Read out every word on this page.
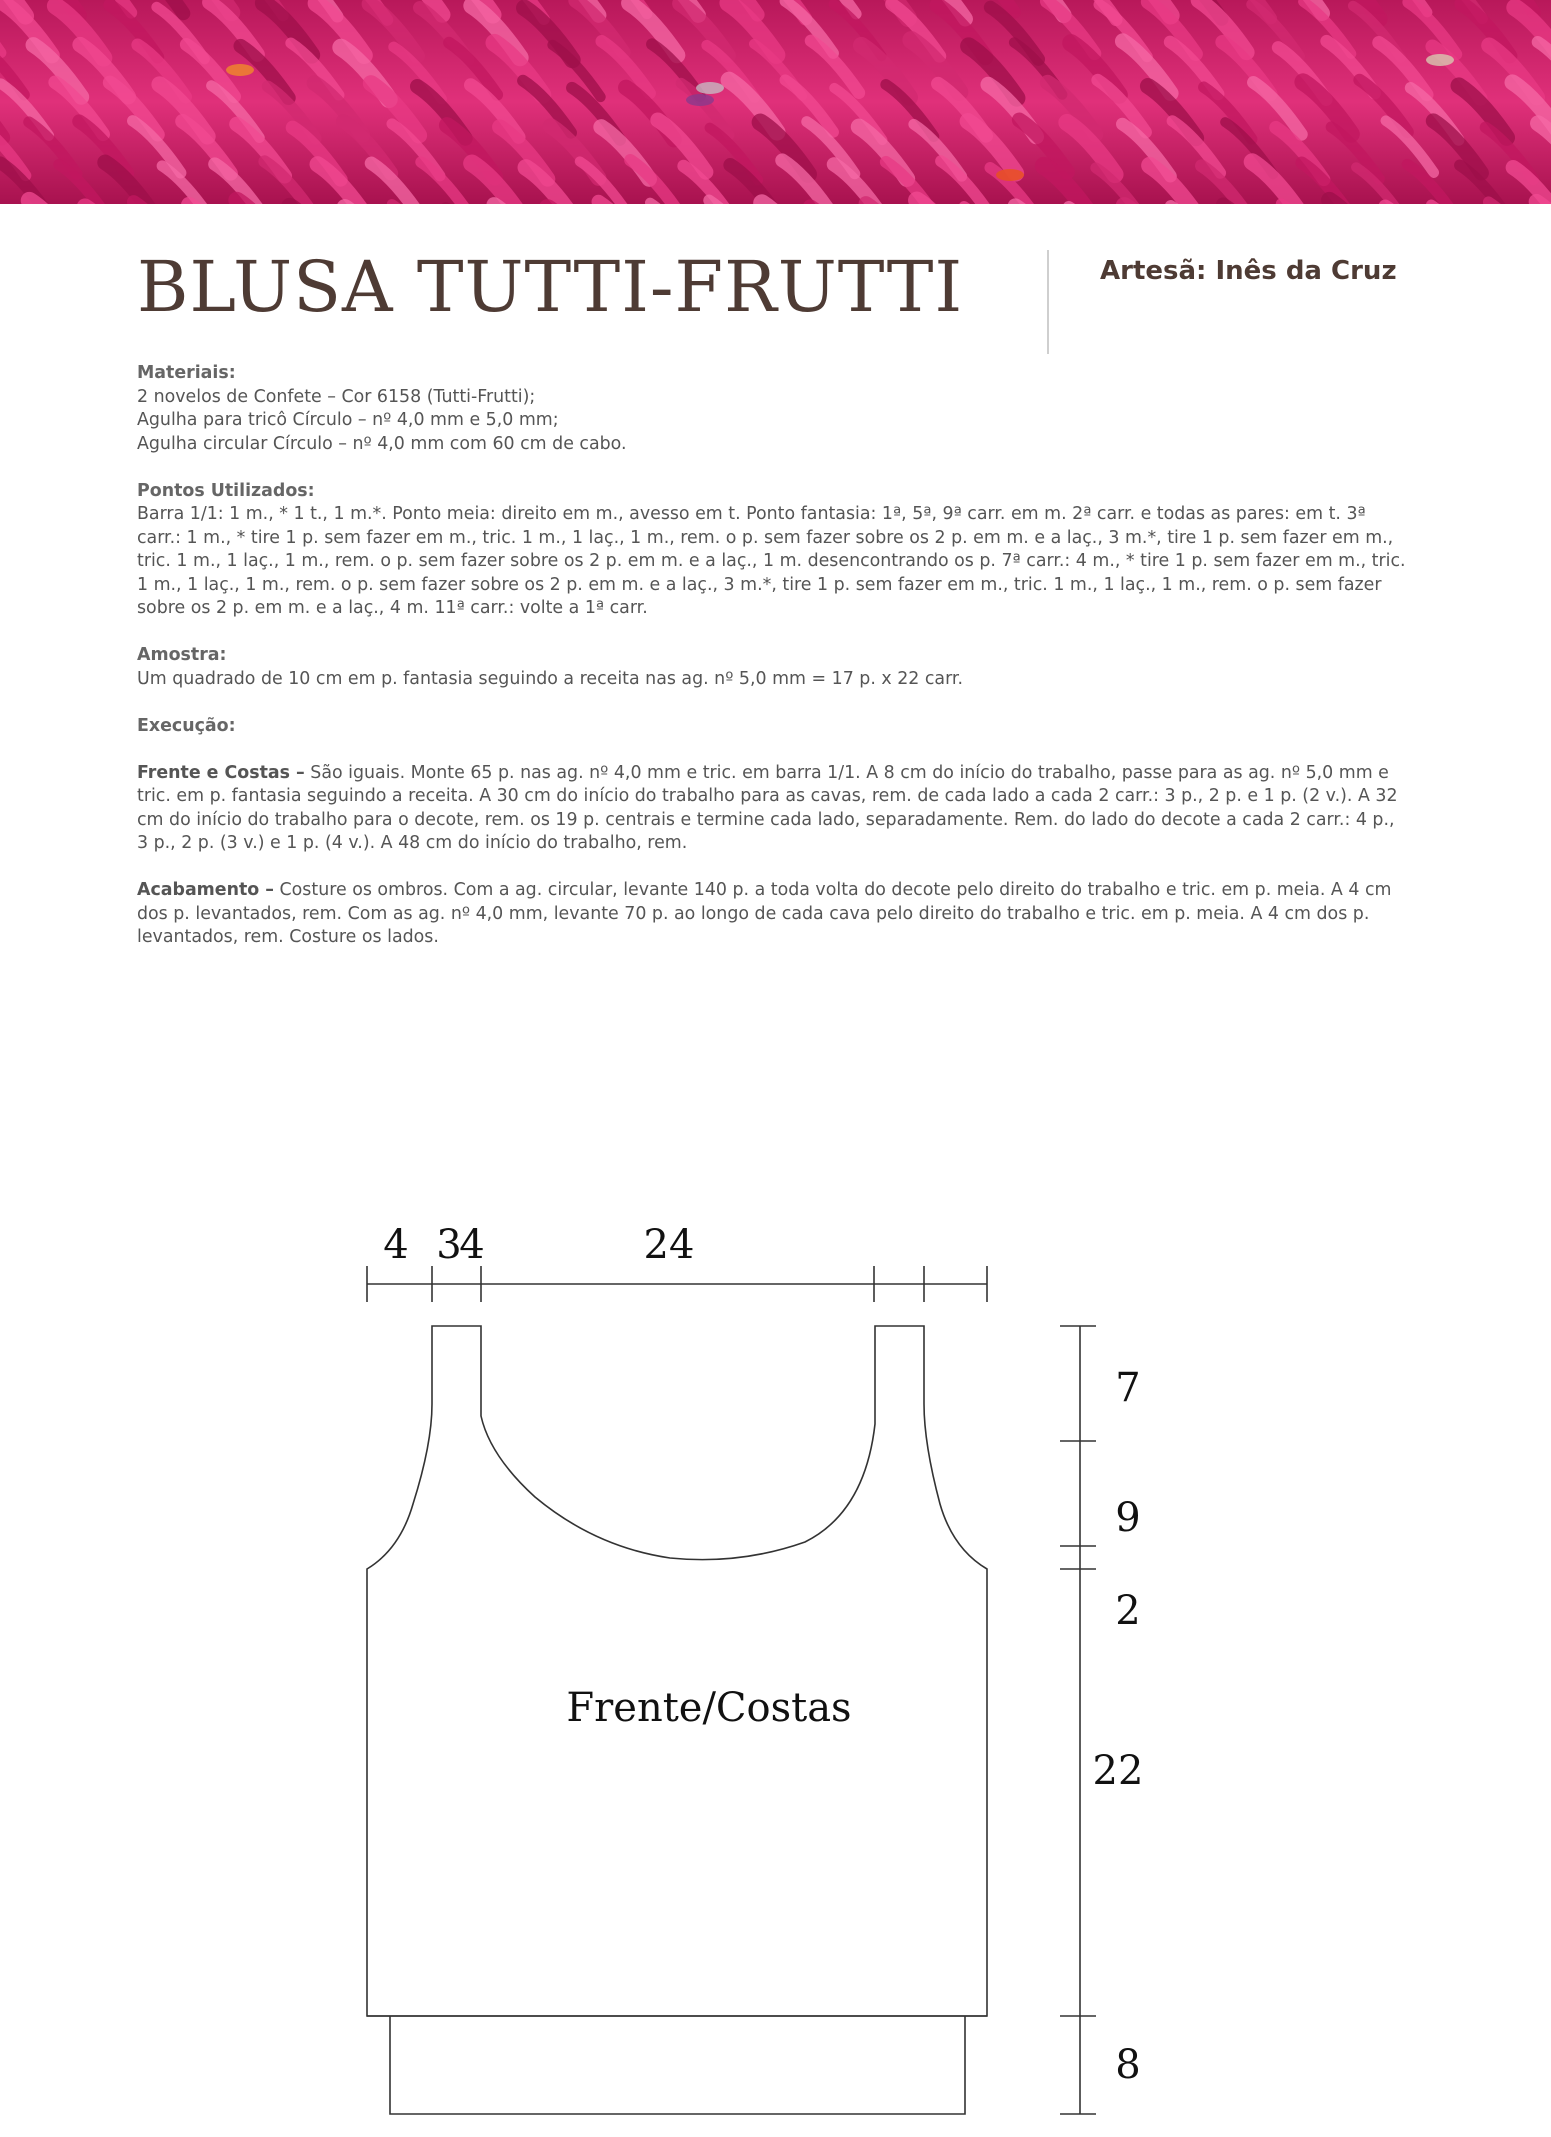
BLUSA TUTTI-FRUTTI	Artesã: Inês da Cruz

Materiais:
2 novelos de Confete – Cor 6158 (Tutti-Frutti);
Agulha para tricô Círculo – nº 4,0 mm e 5,0 mm;
Agulha circular Círculo – nº 4,0 mm com 60 cm de cabo.

Pontos Utilizados:
Barra 1/1: 1 m., * 1 t., 1 m.*. Ponto meia: direito em m., avesso em t. Ponto fantasia: 1ª, 5ª, 9ª carr. em m. 2ª carr. e todas as pares: em t. 3ª carr.: 1 m., * tire 1 p. sem fazer em m., tric. 1 m., 1 laç., 1 m., rem. o p. sem fazer sobre os 2 p. em m. e a laç., 3 m.*, tire 1 p. sem fazer em m., tric. 1 m., 1 laç., 1 m., rem. o p. sem fazer sobre os 2 p. em m. e a laç., 1 m. desencontrando os p. 7ª carr.: 4 m., * tire 1 p. sem fazer em m., tric. 1 m., 1 laç., 1 m., rem. o p. sem fazer sobre os 2 p. em m. e a laç., 3 m.*, tire 1 p. sem fazer em m., tric. 1 m., 1 laç., 1 m., rem. o p. sem fazer sobre os 2 p. em m. e a laç., 4 m. 11ª carr.: volte a 1ª carr.

Amostra:
Um quadrado de 10 cm em p. fantasia seguindo a receita nas ag. nº 5,0 mm = 17 p. x 22 carr.

Execução:

Frente e Costas – São iguais. Monte 65 p. nas ag. nº 4,0 mm e tric. em barra 1/1. A 8 cm do início do trabalho, passe para as ag. nº 5,0 mm e tric. em p. fantasia seguindo a receita. A 30 cm do início do trabalho para as cavas, rem. de cada lado a cada 2 carr.: 3 p., 2 p. e 1 p. (2 v.). A 32 cm do início do trabalho para o decote, rem. os 19 p. centrais e termine cada lado, separadamente. Rem. do lado do decote a cada 2 carr.: 4 p., 3 p., 2 p. (3 v.) e 1 p. (4 v.). A 48 cm do início do trabalho, rem.

Acabamento – Costure os ombros. Com a ag. circular, levante 140 p. a toda volta do decote pelo direito do trabalho e tric. em p. meia. A 4 cm dos p. levantados, rem. Com as ag. nº 4,0 mm, levante 70 p. ao longo de cada cava pelo direito do trabalho e tric. em p. meia. A 4 cm dos p. levantados, rem. Costure os lados.

4 3
4	24
7
9
2
22
8
Frente/Costas
